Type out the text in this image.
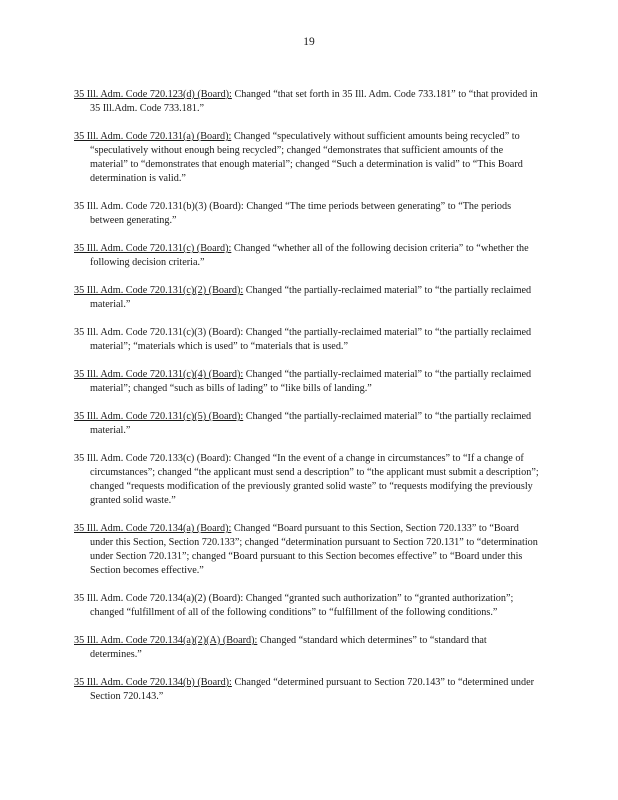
19
35 Ill. Adm. Code 720.123(d) (Board): Changed “that set forth in 35 Ill. Adm. Code 733.181” to “that provided in 35 Ill.Adm. Code 733.181.”
35 Ill. Adm. Code 720.131(a) (Board): Changed “speculatively without sufficient amounts being recycled” to “speculatively without enough being recycled”; changed “demonstrates that sufficient amounts of the material” to “demonstrates that enough material”; changed “Such a determination is valid” to “This Board determination is valid.”
35 Ill. Adm. Code 720.131(b)(3) (Board): Changed “The time periods between generating” to “The periods between generating.”
35 Ill. Adm. Code 720.131(c) (Board): Changed “whether all of the following decision criteria” to “whether the following decision criteria.”
35 Ill. Adm. Code 720.131(c)(2) (Board): Changed “the partially-reclaimed material” to “the partially reclaimed material.”
35 Ill. Adm. Code 720.131(c)(3) (Board): Changed “the partially-reclaimed material” to “the partially reclaimed material”; “materials which is used” to “materials that is used.”
35 Ill. Adm. Code 720.131(c)(4) (Board): Changed “the partially-reclaimed material” to “the partially reclaimed material”; changed “such as bills of lading” to “like bills of landing.”
35 Ill. Adm. Code 720.131(c)(5) (Board): Changed “the partially-reclaimed material” to “the partially reclaimed material.”
35 Ill. Adm. Code 720.133(c) (Board): Changed “In the event of a change in circumstances” to “If a change of circumstances”; changed “the applicant must send a description” to “the applicant must submit a description”; changed “requests modification of the previously granted solid waste” to “requests modifying the previously granted solid waste.”
35 Ill. Adm. Code 720.134(a) (Board): Changed “Board pursuant to this Section, Section 720.133” to “Board under this Section, Section 720.133”; changed “determination pursuant to Section 720.131” to “determination under Section 720.131”; changed “Board pursuant to this Section becomes effective” to “Board under this Section becomes effective.”
35 Ill. Adm. Code 720.134(a)(2) (Board): Changed “granted such authorization” to “granted authorization”; changed “fulfillment of all of the following conditions” to “fulfillment of the following conditions.”
35 Ill. Adm. Code 720.134(a)(2)(A) (Board): Changed “standard which determines” to “standard that determines.”
35 Ill. Adm. Code 720.134(b) (Board): Changed “determined pursuant to Section 720.143” to “determined under Section 720.143.”
